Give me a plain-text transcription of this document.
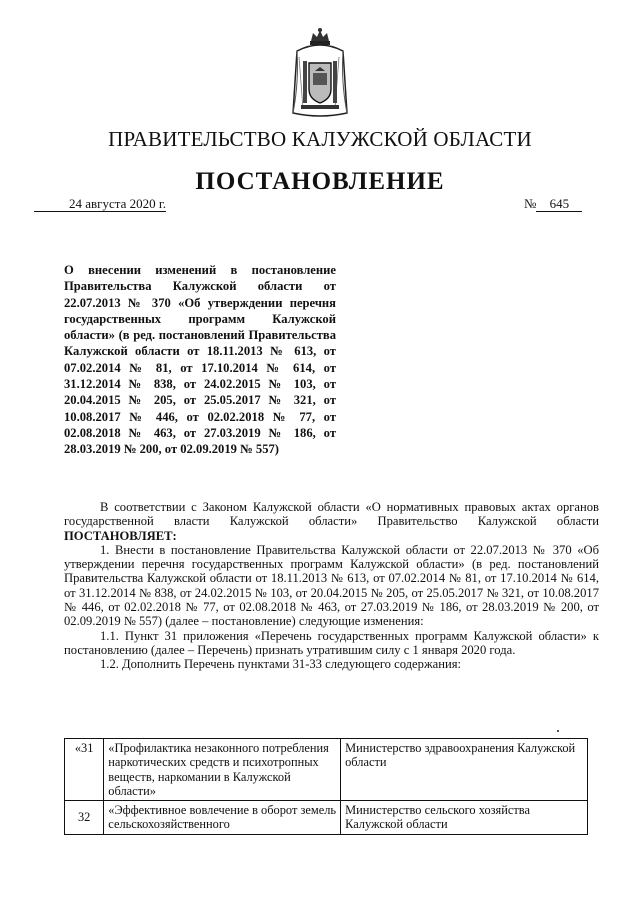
ПРАВИТЕЛЬСТВО КАЛУЖСКОЙ ОБЛАСТИ
ПОСТАНОВЛЕНИЕ
24 августа 2020 г.	№ 645
О внесении изменений в постановление Правительства Калужской области от 22.07.2013 № 370 «Об утверждении перечня государственных программ Калужской области» (в ред. постановлений Правительства Калужской области от 18.11.2013 № 613, от 07.02.2014 № 81, от 17.10.2014 № 614, от 31.12.2014 № 838, от 24.02.2015 № 103, от 20.04.2015 № 205, от 25.05.2017 № 321, от 10.08.2017 № 446, от 02.02.2018 № 77, от 02.08.2018 № 463, от 27.03.2019 № 186, от 28.03.2019 № 200, от 02.09.2019 № 557)

В соответствии с Законом Калужской области «О нормативных правовых актах органов государственной власти Калужской области» Правительство Калужской области ПОСТАНОВЛЯЕТ:

1. Внести в постановление Правительства Калужской области от 22.07.2013 № 370 «Об утверждении перечня государственных программ Калужской области» (в ред. постановлений Правительства Калужской области от 18.11.2013 № 613, от 07.02.2014 № 81, от 17.10.2014 № 614, от 31.12.2014 № 838, от 24.02.2015 № 103, от 20.04.2015 № 205, от 25.05.2017 № 321, от 10.08.2017 № 446, от 02.02.2018 № 77, от 02.08.2018 № 463, от 27.03.2019 № 186, от 28.03.2019 № 200, от 02.09.2019 № 557) (далее – постановление) следующие изменения:

1.1. Пункт 31 приложения «Перечень государственных программ Калужской области» к постановлению (далее – Перечень) признать утратившим силу с 1 января 2020 года.

1.2. Дополнить Перечень пунктами 31-33 следующего содержания:

«31	«Профилактика незаконного потребления наркотических средств и психотропных веществ, наркомании в Калужской области»	Министерство здравоохранения Калужской области
32	«Эффективное вовлечение в оборот земель сельскохозяйственного	Министерство сельского хозяйства Калужской области
